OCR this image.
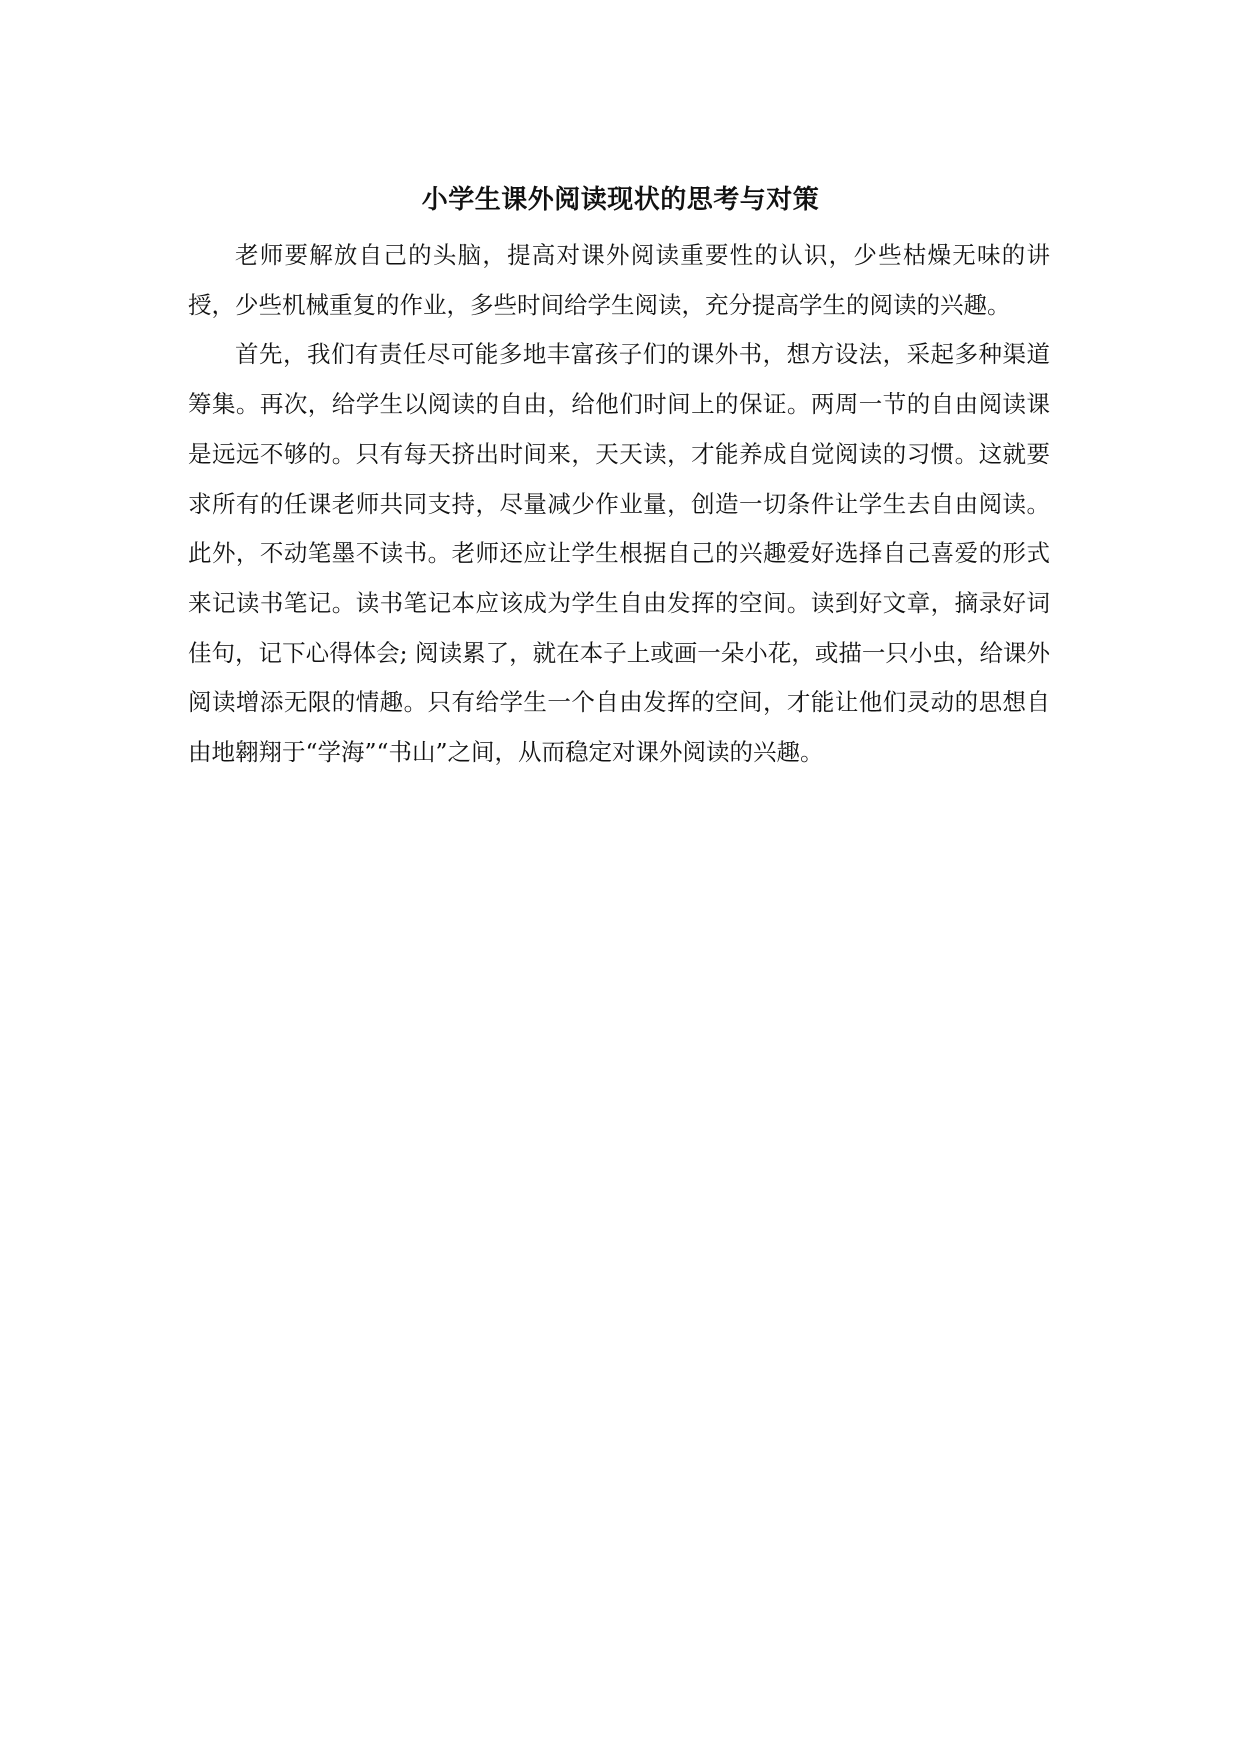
小学生课外阅读现状的思考与对策

老师要解放自己的头脑，提高对课外阅读重要性的认识，少些枯燥无味的讲授，少些机械重复的作业，多些时间给学生阅读，充分提高学生的阅读的兴趣。

首先，我们有责任尽可能多地丰富孩子们的课外书，想方设法，采起多种渠道筹集。再次，给学生以阅读的自由，给他们时间上的保证。两周一节的自由阅读课是远远不够的。只有每天挤出时间来，天天读，才能养成自觉阅读的习惯。这就要求所有的任课老师共同支持，尽量减少作业量，创造一切条件让学生去自由阅读。此外，不动笔墨不读书。老师还应让学生根据自己的兴趣爱好选择自己喜爱的形式来记读书笔记。读书笔记本应该成为学生自由发挥的空间。读到好文章，摘录好词佳句，记下心得体会; 阅读累了，就在本子上或画一朵小花，或描一只小虫，给课外阅读增添无限的情趣。只有给学生一个自由发挥的空间，才能让他们灵动的思想自由地翱翔于“学海”“书山”之间，从而稳定对课外阅读的兴趣。
